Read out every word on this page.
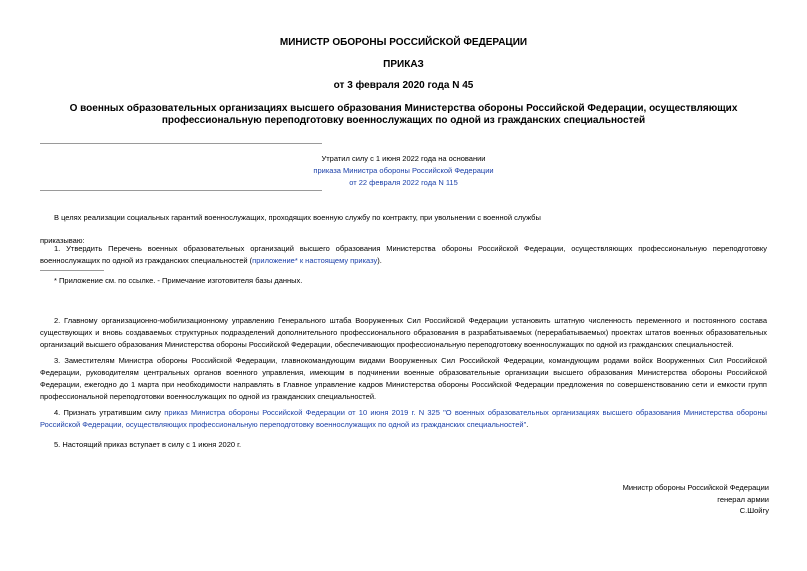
МИНИСТР ОБОРОНЫ РОССИЙСКОЙ ФЕДЕРАЦИИ
ПРИКАЗ
от 3 февраля 2020 года N 45
О военных образовательных организациях высшего образования Министерства обороны Российской Федерации, осуществляющих профессиональную переподготовку военнослужащих по одной из гражданских специальностей
Утратил силу с 1 июня 2022 года на основании
приказа Министра обороны Российской Федерации
от 22 февраля 2022 года N 115
В целях реализации социальных гарантий военнослужащих, проходящих военную службу по контракту, при увольнении с военной службы
приказываю:
1. Утвердить Перечень военных образовательных организаций высшего образования Министерства обороны Российской Федерации, осуществляющих профессиональную переподготовку военнослужащих по одной из гражданских специальностей (приложение* к настоящему приказу).
* Приложение см. по ссылке. - Примечание изготовителя базы данных.
2. Главному организационно-мобилизационному управлению Генерального штаба Вооруженных Сил Российской Федерации установить штатную численность переменного и постоянного состава существующих и вновь создаваемых структурных подразделений дополнительного профессионального образования в разрабатываемых (перерабатываемых) проектах штатов военных образовательных организаций высшего образования Министерства обороны Российской Федерации, обеспечивающих профессиональную переподготовку военнослужащих по одной из гражданских специальностей.
3. Заместителям Министра обороны Российской Федерации, главнокомандующим видами Вооруженных Сил Российской Федерации, командующим родами войск Вооруженных Сил Российской Федерации, руководителям центральных органов военного управления, имеющим в подчинении военные образовательные организации высшего образования Министерства обороны Российской Федерации, ежегодно до 1 марта при необходимости направлять в Главное управление кадров Министерства обороны Российской Федерации предложения по совершенствованию сети и емкости групп профессиональной переподготовки военнослужащих по одной из гражданских специальностей.
4. Признать утратившим силу приказ Министра обороны Российской Федерации от 10 июня 2019 г. N 325 "О военных образовательных организациях высшего образования Министерства обороны Российской Федерации, осуществляющих профессиональную переподготовку военнослужащих по одной из гражданских специальностей".
5. Настоящий приказ вступает в силу с 1 июня 2020 г.
Министр обороны Российской Федерации
генерал армии
С.Шойгу
